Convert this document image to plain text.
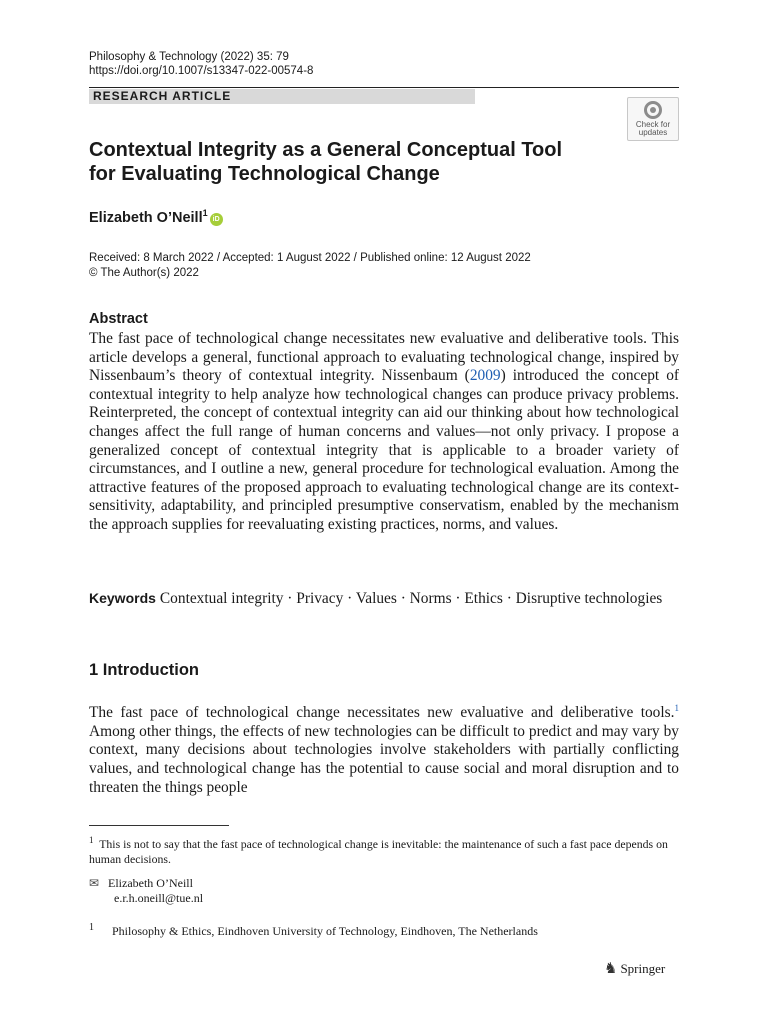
Philosophy & Technology (2022) 35: 79
https://doi.org/10.1007/s13347-022-00574-8
RESEARCH ARTICLE
Check for updates
Contextual Integrity as a General Conceptual Tool
for Evaluating Technological Change
Elizabeth O’Neill$^1$iD
Received: 8 March 2022 / Accepted: 1 August 2022 / Published online: 12 August 2022
© The Author(s) 2022
Abstract

The fast pace of technological change necessitates new evaluative and deliberative tools. This article develops a general, functional approach to evaluating technological change, inspired by Nissenbaum’s theory of contextual integrity. Nissenbaum (2009) introduced the concept of contextual integrity to help analyze how technological changes can produce privacy problems. Reinterpreted, the concept of contextual integrity can aid our thinking about how technological changes affect the full range of human concerns and values—not only privacy. I propose a generalized concept of contextual integrity that is applicable to a broader variety of circumstances, and I outline a new, general procedure for technological evaluation. Among the attractive features of the proposed approach to evaluating technological change are its context-sensitivity, adaptability, and principled presumptive conservatism, enabled by the mechanism the approach supplies for reevaluating existing practices, norms, and values.

Keywords Contextual integrity · Privacy · Values · Norms · Ethics · Disruptive technologies
1 Introduction

The fast pace of technological change necessitates new evaluative and deliberative tools.$^1$ Among other things, the effects of new technologies can be difficult to predict and may vary by context, many decisions about technologies involve stakeholders with partially conflicting values, and technological change has the potential to cause social and moral disruption and to threaten the things people

$^1$ This is not to say that the fast pace of technological change is inevitable: the maintenance of such a fast pace depends on human decisions.
✉ Elizabeth O’Neill
e.r.h.oneill@tue.nl
$^1$ Philosophy & Ethics, Eindhoven University of Technology, Eindhoven, The Netherlands
♞ Springer
